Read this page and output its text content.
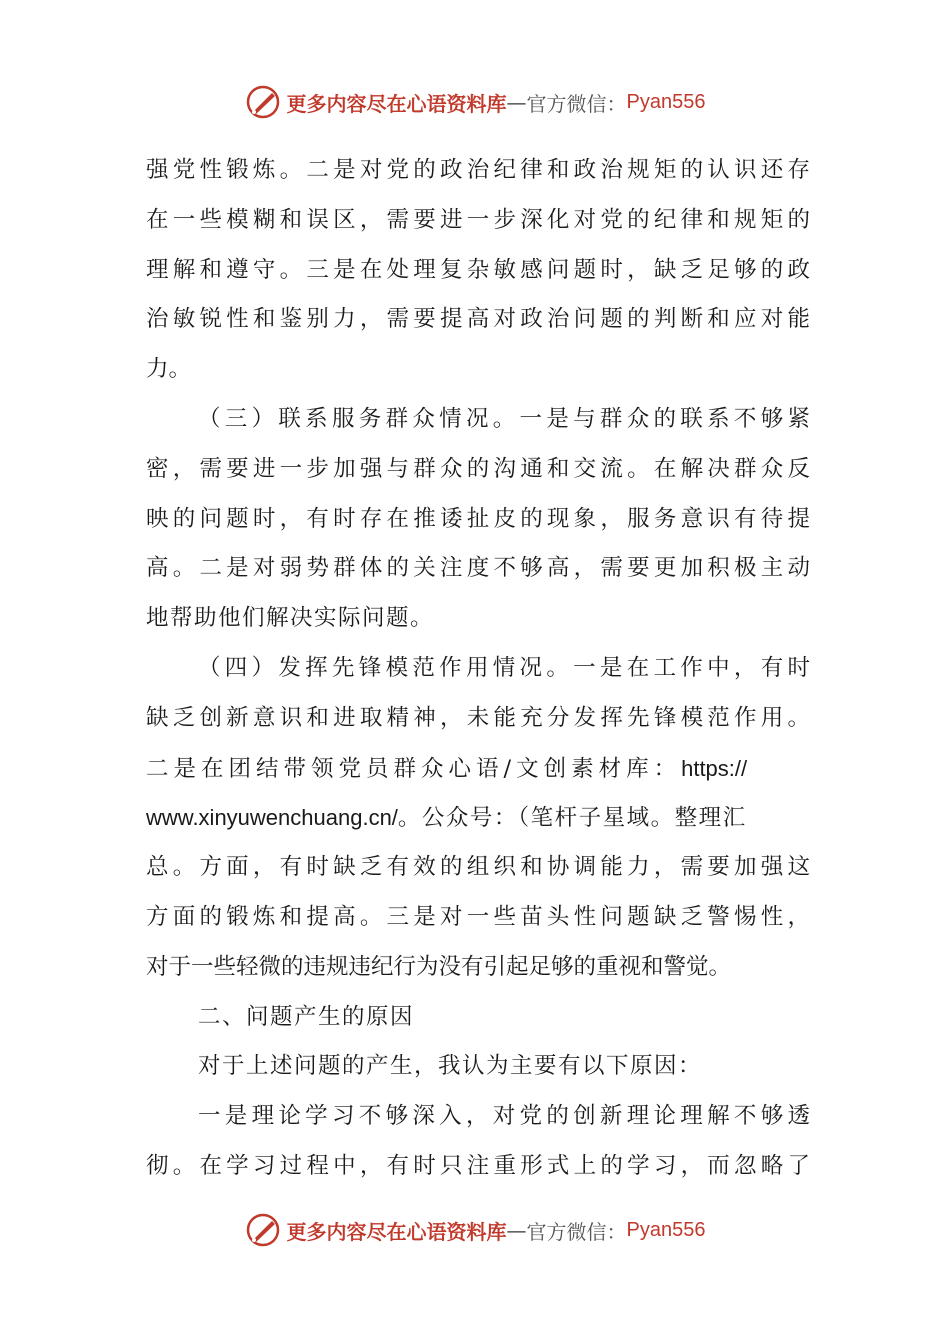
更多内容尽在心语资料库 — 官方微信： Pyan556
强党性锻炼。二是对党的政治纪律和政治规矩的认识还存
在一些模糊和误区，需要进一步深化对党的纪律和规矩的
理解和遵守。三是在处理复杂敏感问题时，缺乏足够的政
治敏锐性和鉴别力，需要提高对政治问题的判断和应对能
力。
（三）联系服务群众情况。一是与群众的联系不够紧
密，需要进一步加强与群众的沟通和交流。在解决群众反
映的问题时，有时存在推诿扯皮的现象，服务意识有待提
高。二是对弱势群体的关注度不够高，需要更加积极主动
地帮助他们解决实际问题。
（四）发挥先锋模范作用情况。一是在工作中，有时
缺乏创新意识和进取精神，未能充分发挥先锋模范作用。
二是在团结带领党员群众心语/文创素材库：https://
www.xinyuwenchuang.cn/。公众号：（笔杆子星域。整理汇
总。方面，有时缺乏有效的组织和协调能力，需要加强这
方面的锻炼和提高。三是对一些苗头性问题缺乏警惕性，
对于一些轻微的违规违纪行为没有引起足够的重视和警觉。
二、问题产生的原因
对于上述问题的产生，我认为主要有以下原因：
一是理论学习不够深入，对党的创新理论理解不够透
彻。在学习过程中，有时只注重形式上的学习，而忽略了
更多内容尽在心语资料库 — 官方微信： Pyan556
